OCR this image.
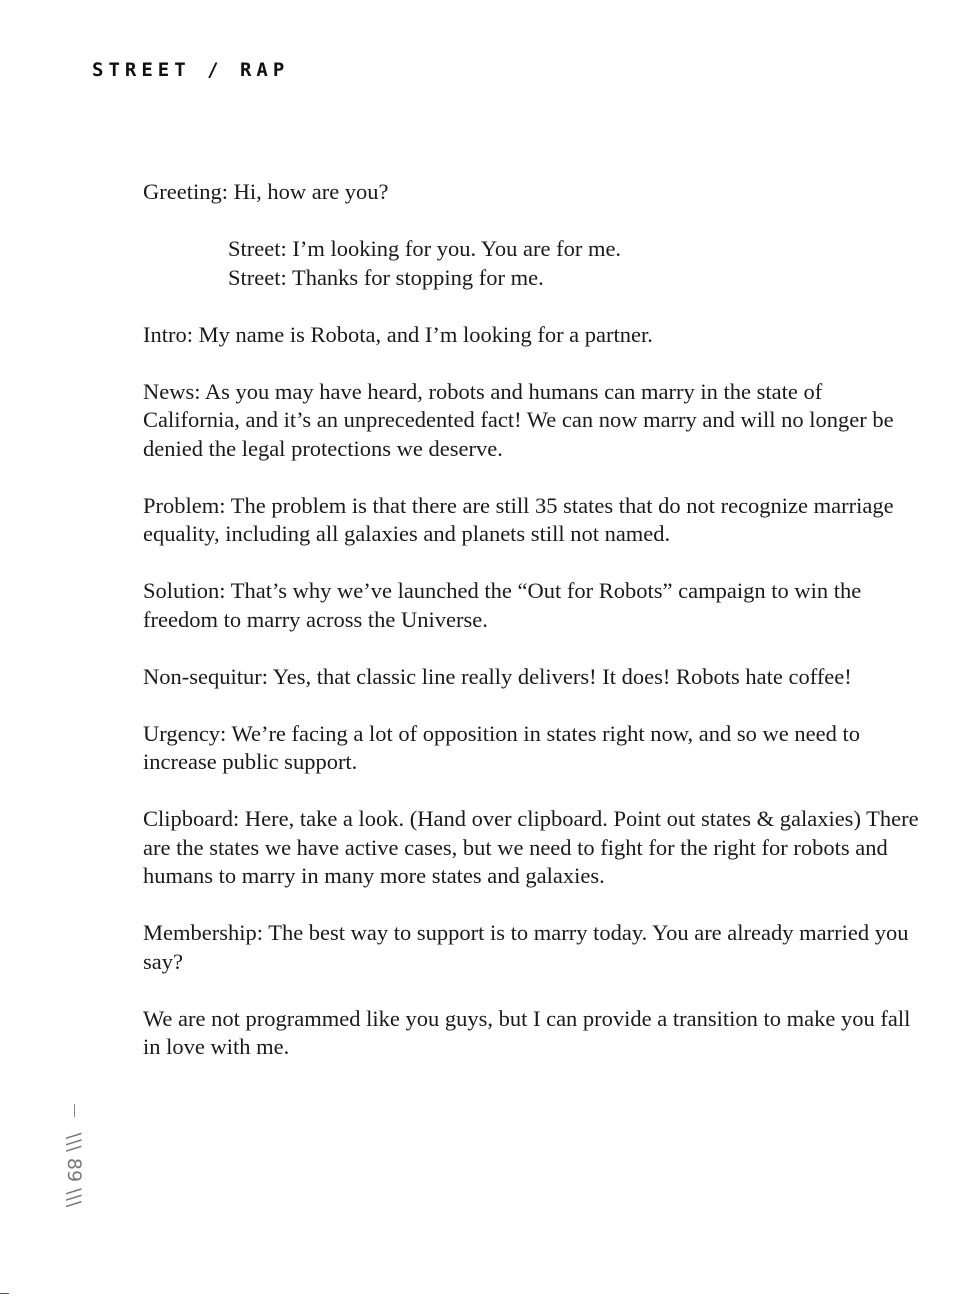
STREET / RAP

Greeting: Hi, how are you?

Street: I’m looking for you. You are for me.

Street: Thanks for stopping for me.

Intro: My name is Robota, and I’m looking for a partner.

News: As you may have heard, robots and humans can marry in the state of California, and it’s an unprecedented fact! We can now marry and will no longer be denied the legal protections we deserve.

Problem: The problem is that there are still 35 states that do not recognize marriage equality, including all galaxies and planets still not named.

Solution: That’s why we’ve launched the “Out for Robots” campaign to win the freedom to marry across the Universe.

Non-sequitur: Yes, that classic line really delivers! It does! Robots hate coffee!

Urgency: We’re facing a lot of opposition in states right now, and so we need to increase public support.

Clipboard: Here, take a look. (Hand over clipboard. Point out states & galaxies) There are the states we have active cases, but we need to fight for the right for robots and humans to marry in many more states and galaxies.

Membership: The best way to support is to marry today. You are already married you say?

We are not programmed like you guys, but I can provide a transition to make you fall in love with me.

\\\ 89 \\\
